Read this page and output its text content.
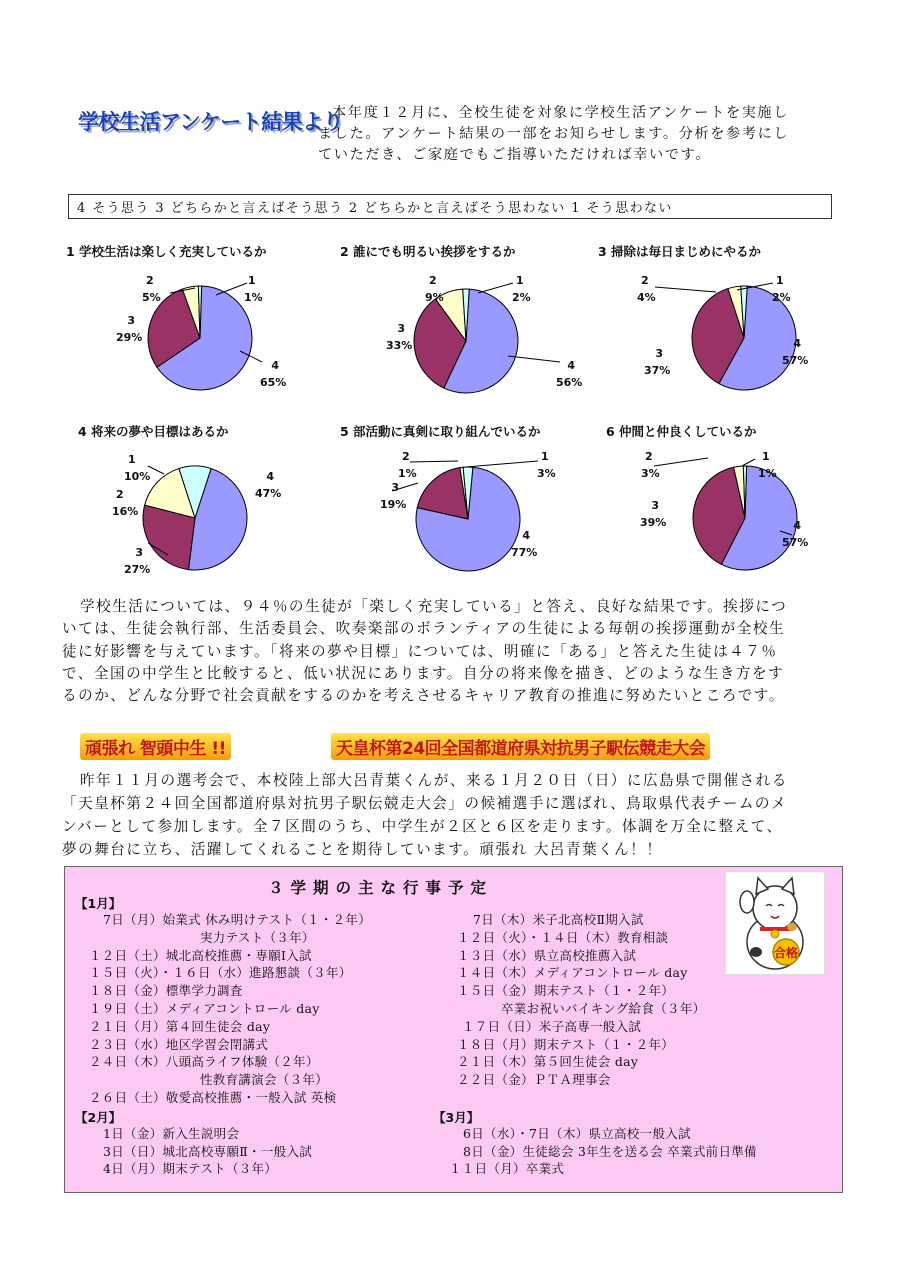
学校生活アンケート結果より
本年度１２月に、全校生徒を対象に学校生活アンケートを実施し
ました。アンケート結果の一部をお知らせします。分析を参考にし
ていただき、ご家庭でもご指導いただければ幸いです。
4 そう思う 3 どちらかと言えばそう思う 2 どちらかと言えばそう思わない 1 そう思わない
1 学校生活は楽しく充実しているか
4
65%
3
29%
2
5%
1
1%
2 誰にでも明るい挨拶をするか
4
56%
3
33%
2
9%
1
2%
3 掃除は毎日まじめにやるか
4
57%
3
37%
2
4%
1
2%
4 将来の夢や目標はあるか
4
47%
3
27%
2
16%
1
10%
5 部活動に真剣に取り組んでいるか
4
77%
3
19%
2
1%
1
3%
6 仲間と仲良くしているか
4
57%
3
39%
2
3%
1
1%
学校生活については、９４％の生徒が「楽しく充実している」と答え、良好な結果です。挨拶につ
いては、生徒会執行部、生活委員会、吹奏楽部のボランティアの生徒による毎朝の挨拶運動が全校生
徒に好影響を与えています。「将来の夢や目標」については、明確に「ある」と答えた生徒は４７％
で、全国の中学生と比較すると、低い状況にあります。自分の将来像を描き、どのような生き方をす
るのか、どんな分野で社会貢献をするのかを考えさせるキャリア教育の推進に努めたいところです。
頑張れ 智頭中生 !!	天皇杯第24回全国都道府県対抗男子駅伝競走大会
昨年１１月の選考会で、本校陸上部大呂青葉くんが、来る１月２０日（日）に広島県で開催される
「天皇杯第２４回全国都道府県対抗男子駅伝競走大会」の候補選手に選ばれ、鳥取県代表チームのメ
ンバーとして参加します。全７区間のうち、中学生が２区と６区を走ります。体調を万全に整えて、
夢の舞台に立ち、活躍してくれることを期待しています。頑張れ 大呂青葉くん！！
３学期の主な行事予定
合格
【1月】
【2月】	【3月】
7日（月）始業式 休み明けテスト（１・２年）
実力テスト（３年）
１２日（土）城北高校推薦・専願Ⅰ入試
１５日（火）・１６日（水）進路懇談（３年）
１８日（金）標準学力調査
１９日（土）メディアコントロール day
２１日（月）第４回生徒会 day
２３日（水）地区学習会閉講式
２４日（木）八頭高ライフ体験（２年）
性教育講演会（３年）
２６日（土）敬愛高校推薦・一般入試 英検
7日（木）米子北高校Ⅱ期入試
１２日（火）・１４日（木）教育相談
１３日（水）県立高校推薦入試
１４日（木）メディアコントロール day
１５日（金）期末テスト（１・２年）
卒業お祝いバイキング給食（３年）
１７日（日）米子高専一般入試
１８日（月）期末テスト（１・２年）
２１日（木）第５回生徒会 day
２２日（金）ＰＴＡ理事会
1日（金）新入生説明会
3日（日）城北高校専願Ⅱ・一般入試
4日（月）期末テスト（３年）
6日（水）・7日（木）県立高校一般入試
8日（金）生徒総会 3年生を送る会 卒業式前日準備
１１日（月）卒業式
